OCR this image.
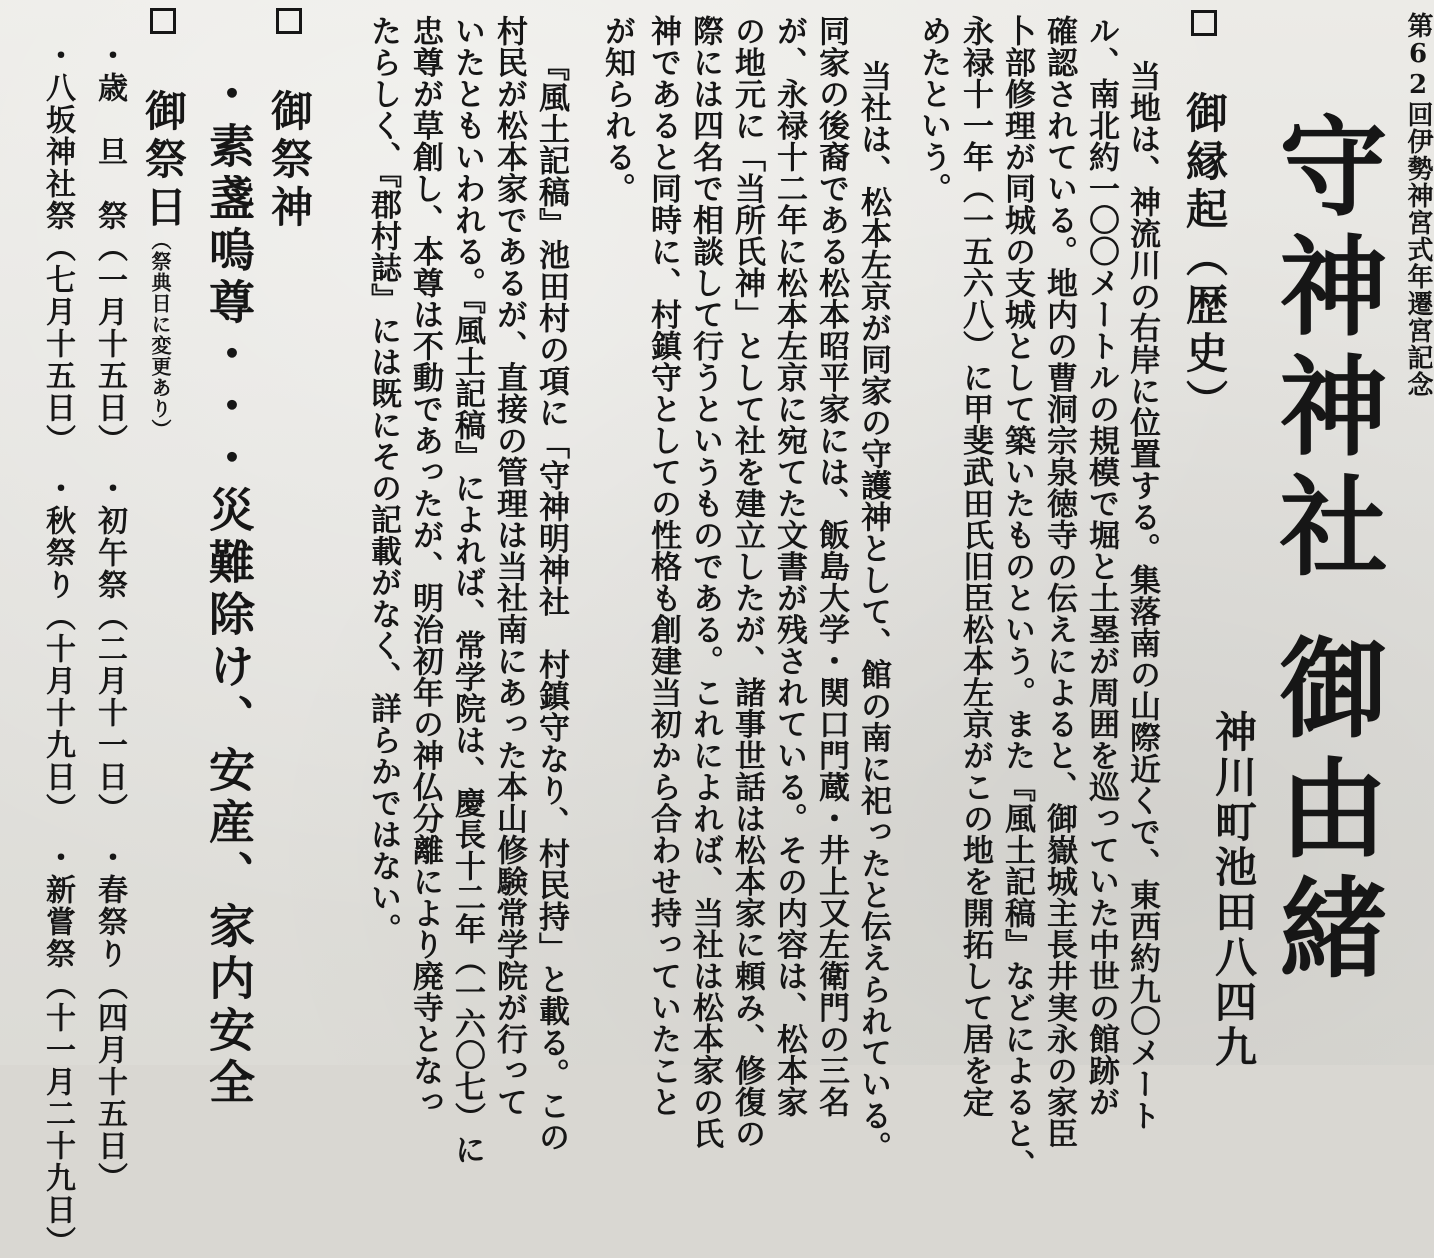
第62回伊勢神宮式年遷宮記念
守神神社御由緒
神川町池田八四九
御縁起（歴史）
当地は、神流川の右岸に位置する。集落南の山際近くで、東西約九〇メート
ル、南北約一〇〇メートルの規模で堀と土塁が周囲を巡っていた中世の館跡が
確認されている。地内の曹洞宗泉徳寺の伝えによると、御嶽城主長井実永の家臣
卜部修理が同城の支城として築いたものという。また『風土記稿』などによると、
永禄十一年（一五六八）に甲斐武田氏旧臣松本左京がこの地を開拓して居を定
めたという。
当社は、松本左京が同家の守護神として、館の南に祀ったと伝えられている。
同家の後裔である松本昭平家には、飯島大学・関口門蔵・井上又左衛門の三名
が、永禄十二年に松本左京に宛てた文書が残されている。その内容は、松本家
の地元に「当所氏神」として社を建立したが、諸事世話は松本家に頼み、修復の
際には四名で相談して行うというものである。これによれば、当社は松本家の氏
神であると同時に、村鎮守としての性格も創建当初から合わせ持っていたこと
が知られる。
『風土記稿』池田村の項に「守神明神社　村鎮守なり、村民持」と載る。この
村民が松本家であるが、直接の管理は当社南にあった本山修験常学院が行って
いたともいわれる。『風土記稿』によれば、常学院は、慶長十二年（一六〇七）に
忠尊が草創し、本尊は不動であったが、明治初年の神仏分離により廃寺となっ
たらしく、『郡村誌』には既にその記載がなく、詳らかではない。
御祭神
・素盞嗚尊・・・災難除け、安産、家内安全
御祭日
（祭典日に変更あり）
・歳　旦　祭（一月十五日）　・初午祭（二月十一日）　・春祭り（四月十五日）
・八坂神社祭（七月十五日）　・秋祭り（十月十九日）　・新嘗祭（十一月二十九日）
